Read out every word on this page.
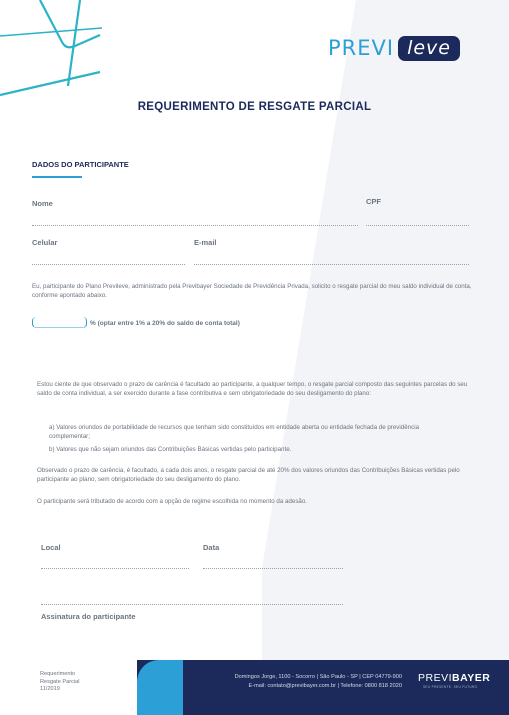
PREVI leve
REQUERIMENTO DE RESGATE PARCIAL
DADOS DO PARTICIPANTE
Nome	CPF
Celular	E-mail
Eu, participante do Plano Previleve, administrado pela Previbayer Sociedade de Previdência Privada, solicito o resgate parcial do meu saldo individual de conta, conforme apontado abaixo.
% (optar entre 1% a 20% do saldo de conta total)
Estou ciente de que observado o prazo de carência é facultado ao participante, a qualquer tempo, o resgate parcial composto das seguintes parcelas do seu saldo de conta individual, a ser exercido durante a fase contributiva e sem obrigatoriedade do seu desligamento do plano:
a) Valores oriundos de portabilidade de recursos que tenham sido constituídos em entidade aberta ou entidade fechada de previdência complementar;
b) Valores que não sejam oriundos das Contribuições Básicas vertidas pelo participante.
Observado o prazo de carência, é facultado, a cada dois anos, o resgate parcial de até 20% dos valores oriundos das Contribuições Básicas vertidas pelo participante ao plano, sem obrigatoriedade do seu desligamento do plano.
O participante será tributado de acordo com a opção de regime escolhida no momento da adesão.
Local	Data
Assinatura do participante
Requerimento
Resgate Parcial
11/2019
Domingos Jorge, 1100 - Socorro | São Paulo - SP | CEP 04779-900
E-mail: contato@previbayer.com.br | Telefone: 0800 818 2020
PREVIBAYER
SEU PRESENTE, SEU FUTURO
